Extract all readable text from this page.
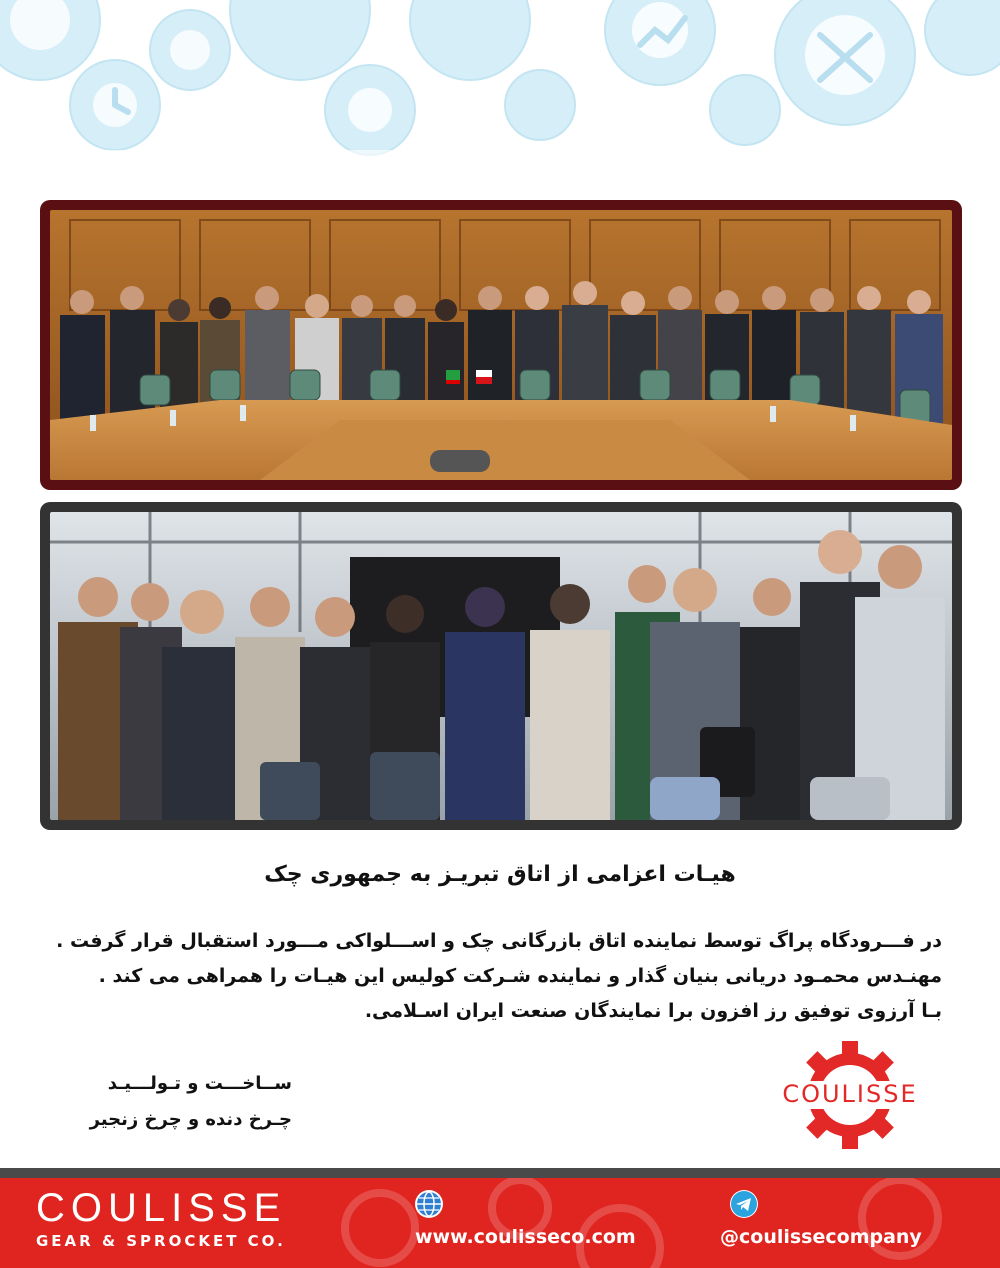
هیـات اعزامی از اتاق تبریـز به جمهوری چک
در فـــرودگاه پراگ توسط نماینده اتاق بازرگانی چک و اســـلواکی مـــورد استقبال قرار گرفت .
مهنـدس محمـود دریانی بنیان گذار و نماینده شـرکت کولیس این هیـات را همراهی می کند .
بـا آرزوی توفیق رز افزون برا نمایندگان صنعت ایران اسـلامی.
ســاخـــت و تـولـــیـد
چـرخ دنده و چرخ زنجیر
COULISSE
COULISSE
GEAR & SPROCKET CO.	www.coulisseco.com	@coulissecompany
